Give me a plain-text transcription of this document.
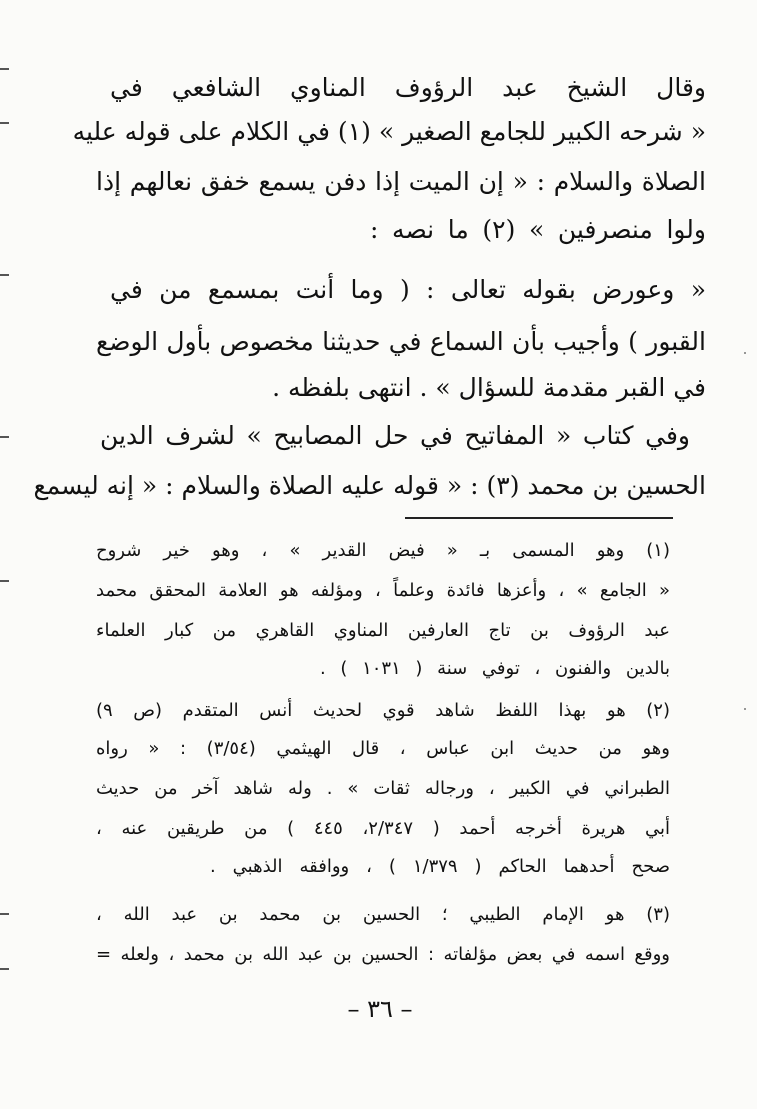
وقال الشيخ عبد الرؤوف المناوي الشافعي في
« شرحه الكبير للجامع الصغير » (١) في الكلام على قوله عليه
الصلاة والسلام : « إن الميت إذا دفن يسمع خفق نعالهم إذا
ولوا منصرفين » (٢) ما نصه :
« وعورض بقوله تعالى : ( وما أنت بمسمع من في
القبور ) وأجيب بأن السماع في حديثنا مخصوص بأول الوضع
في القبر مقدمة للسؤال » . انتهى بلفظه .
وفي كتاب « المفاتيح في حل المصابيح » لشرف الدين
الحسين بن محمد (٣) : « قوله عليه الصلاة والسلام : « إنه ليسمع
(١) وهو المسمى بـ « فيض القدير » ، وهو خير شروح
« الجامع » ، وأعزها فائدة وعلماً ، ومؤلفه هو العلامة المحقق محمد
عبد الرؤوف بن تاج العارفين المناوي القاهري من كبار العلماء
بالدين والفنون ، توفي سنة ( ١٠٣١ ) .
(٢) هو بهذا اللفظ شاهد قوي لحديث أنس المتقدم (ص ٩)
وهو من حديث ابن عباس ، قال الهيثمي (٣/٥٤) : « رواه
الطبراني في الكبير ، ورجاله ثقات » . وله شاهد آخر من حديث
أبي هريرة أخرجه أحمد ( ٢/٣٤٧، ٤٤٥ ) من طريقين عنه ،
صحح أحدهما الحاكم ( ١/٣٧٩ ) ، ووافقه الذهبي .
(٣) هو الإمام الطيبي ؛ الحسين بن محمد بن عبد الله ،
ووقع اسمه في بعض مؤلفاته : الحسين بن عبد الله بن محمد ، ولعله =
– ٣٦ –
